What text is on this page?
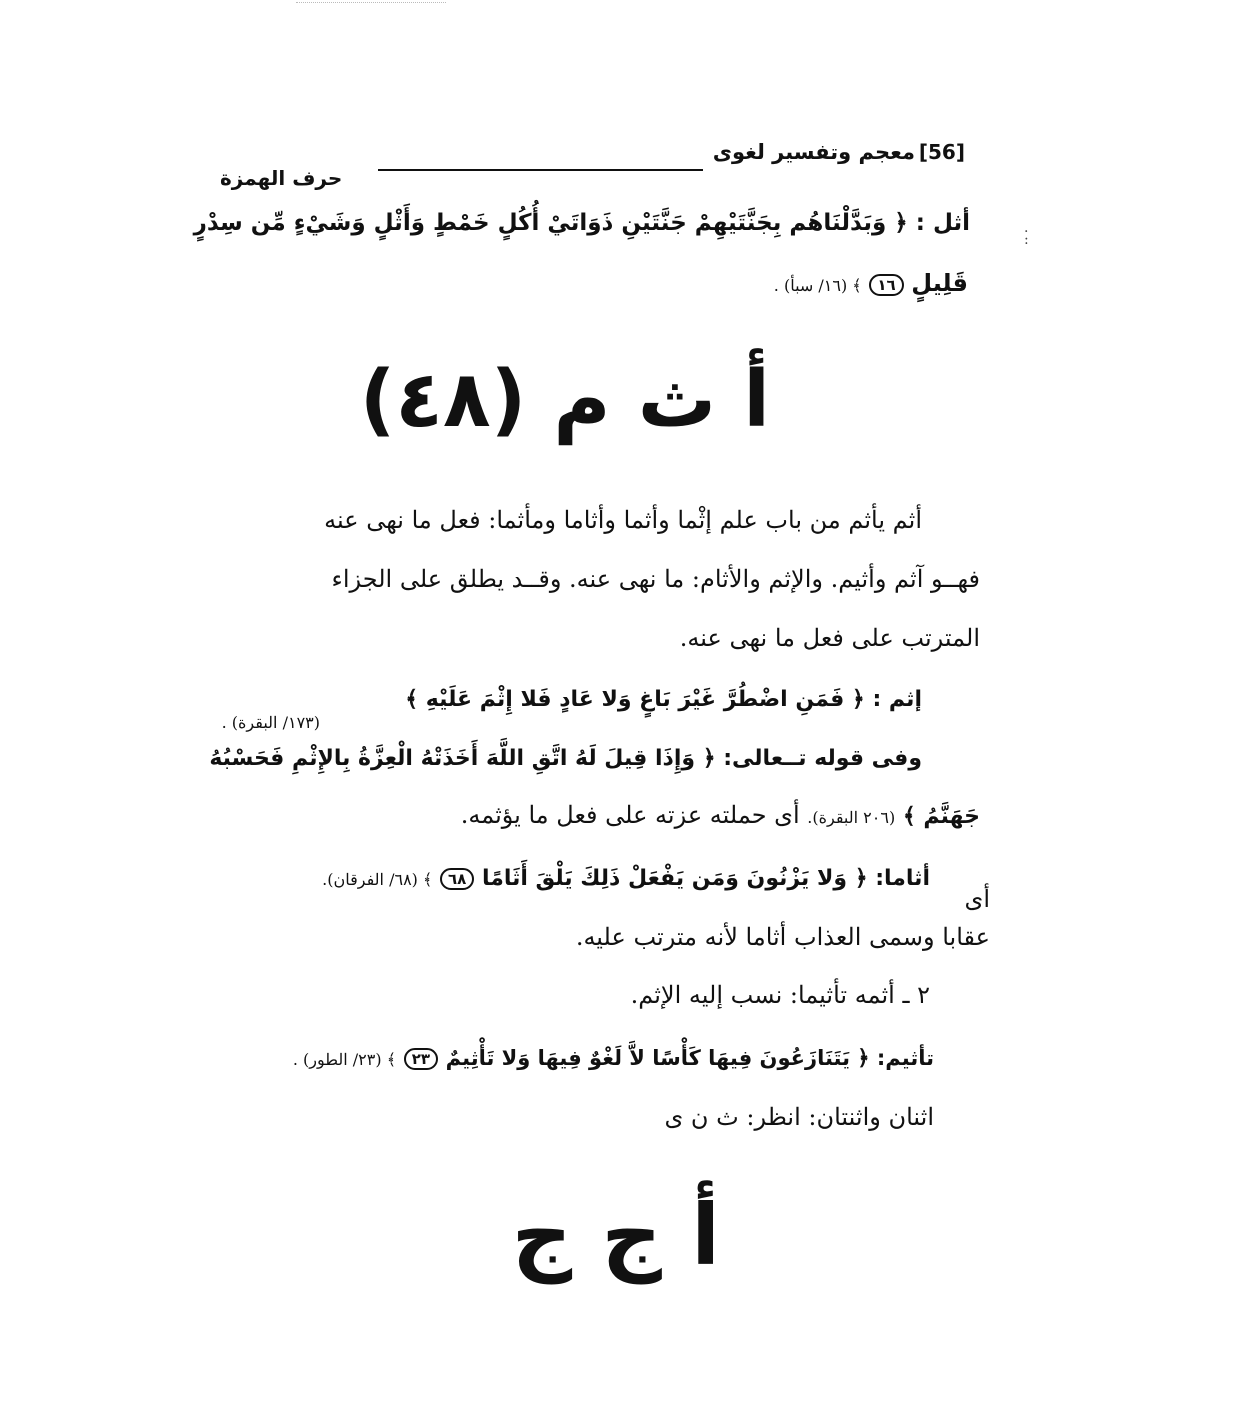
.
:
[56]
معجم وتفسير لغوى
حرف الهمزة
أثل : ﴿ وَبَدَّلْنَاهُم بِجَنَّتَيْهِمْ جَنَّتَيْنِ ذَوَاتَيْ أُكُلٍ خَمْطٍ وَأَثْلٍ وَشَيْءٍ مِّن سِدْرٍ
قَلِيلٍ ١٦ ﴾ (١٦/ سبأ) .
أ ث م (٤٨)
أثم يأثم من باب علم إثْما وأثما وأثاما ومأثما: فعل ما نهى عنه
فهــو آثم وأثيم. والإثم والأثام: ما نهى عنه. وقــد يطلق على الجزاء
المترتب على فعل ما نهى عنه.
إثم : ﴿ فَمَنِ اضْطُرَّ غَيْرَ بَاغٍ وَلا عَادٍ فَلا إِثْمَ عَلَيْهِ ﴾
(١٧٣/ البقرة) .
وفى قوله تــعالى: ﴿ وَإِذَا قِيلَ لَهُ اتَّقِ اللَّهَ أَخَذَتْهُ الْعِزَّةُ بِالإِثْمِ فَحَسْبُهُ
جَهَنَّمُ ﴾ (٢٠٦ البقرة). أى حملته عزته على فعل ما يؤثمه.
أثاما: ﴿ وَلا يَزْنُونَ وَمَن يَفْعَلْ ذَلِكَ يَلْقَ أَثَامًا ٦٨ ﴾ (٦٨/ الفرقان).
أى
عقابا وسمى العذاب أثاما لأنه مترتب عليه.
٢ ـ أثمه تأثيما: نسب إليه الإثم.
تأثيم: ﴿ يَتَنَازَعُونَ فِيهَا كَأْسًا لاَّ لَغْوٌ فِيهَا وَلا تَأْثِيمٌ ٢٣ ﴾ (٢٣/ الطور) .
اثنان واثنتان: انظر: ث ن ى
أ ج ج
